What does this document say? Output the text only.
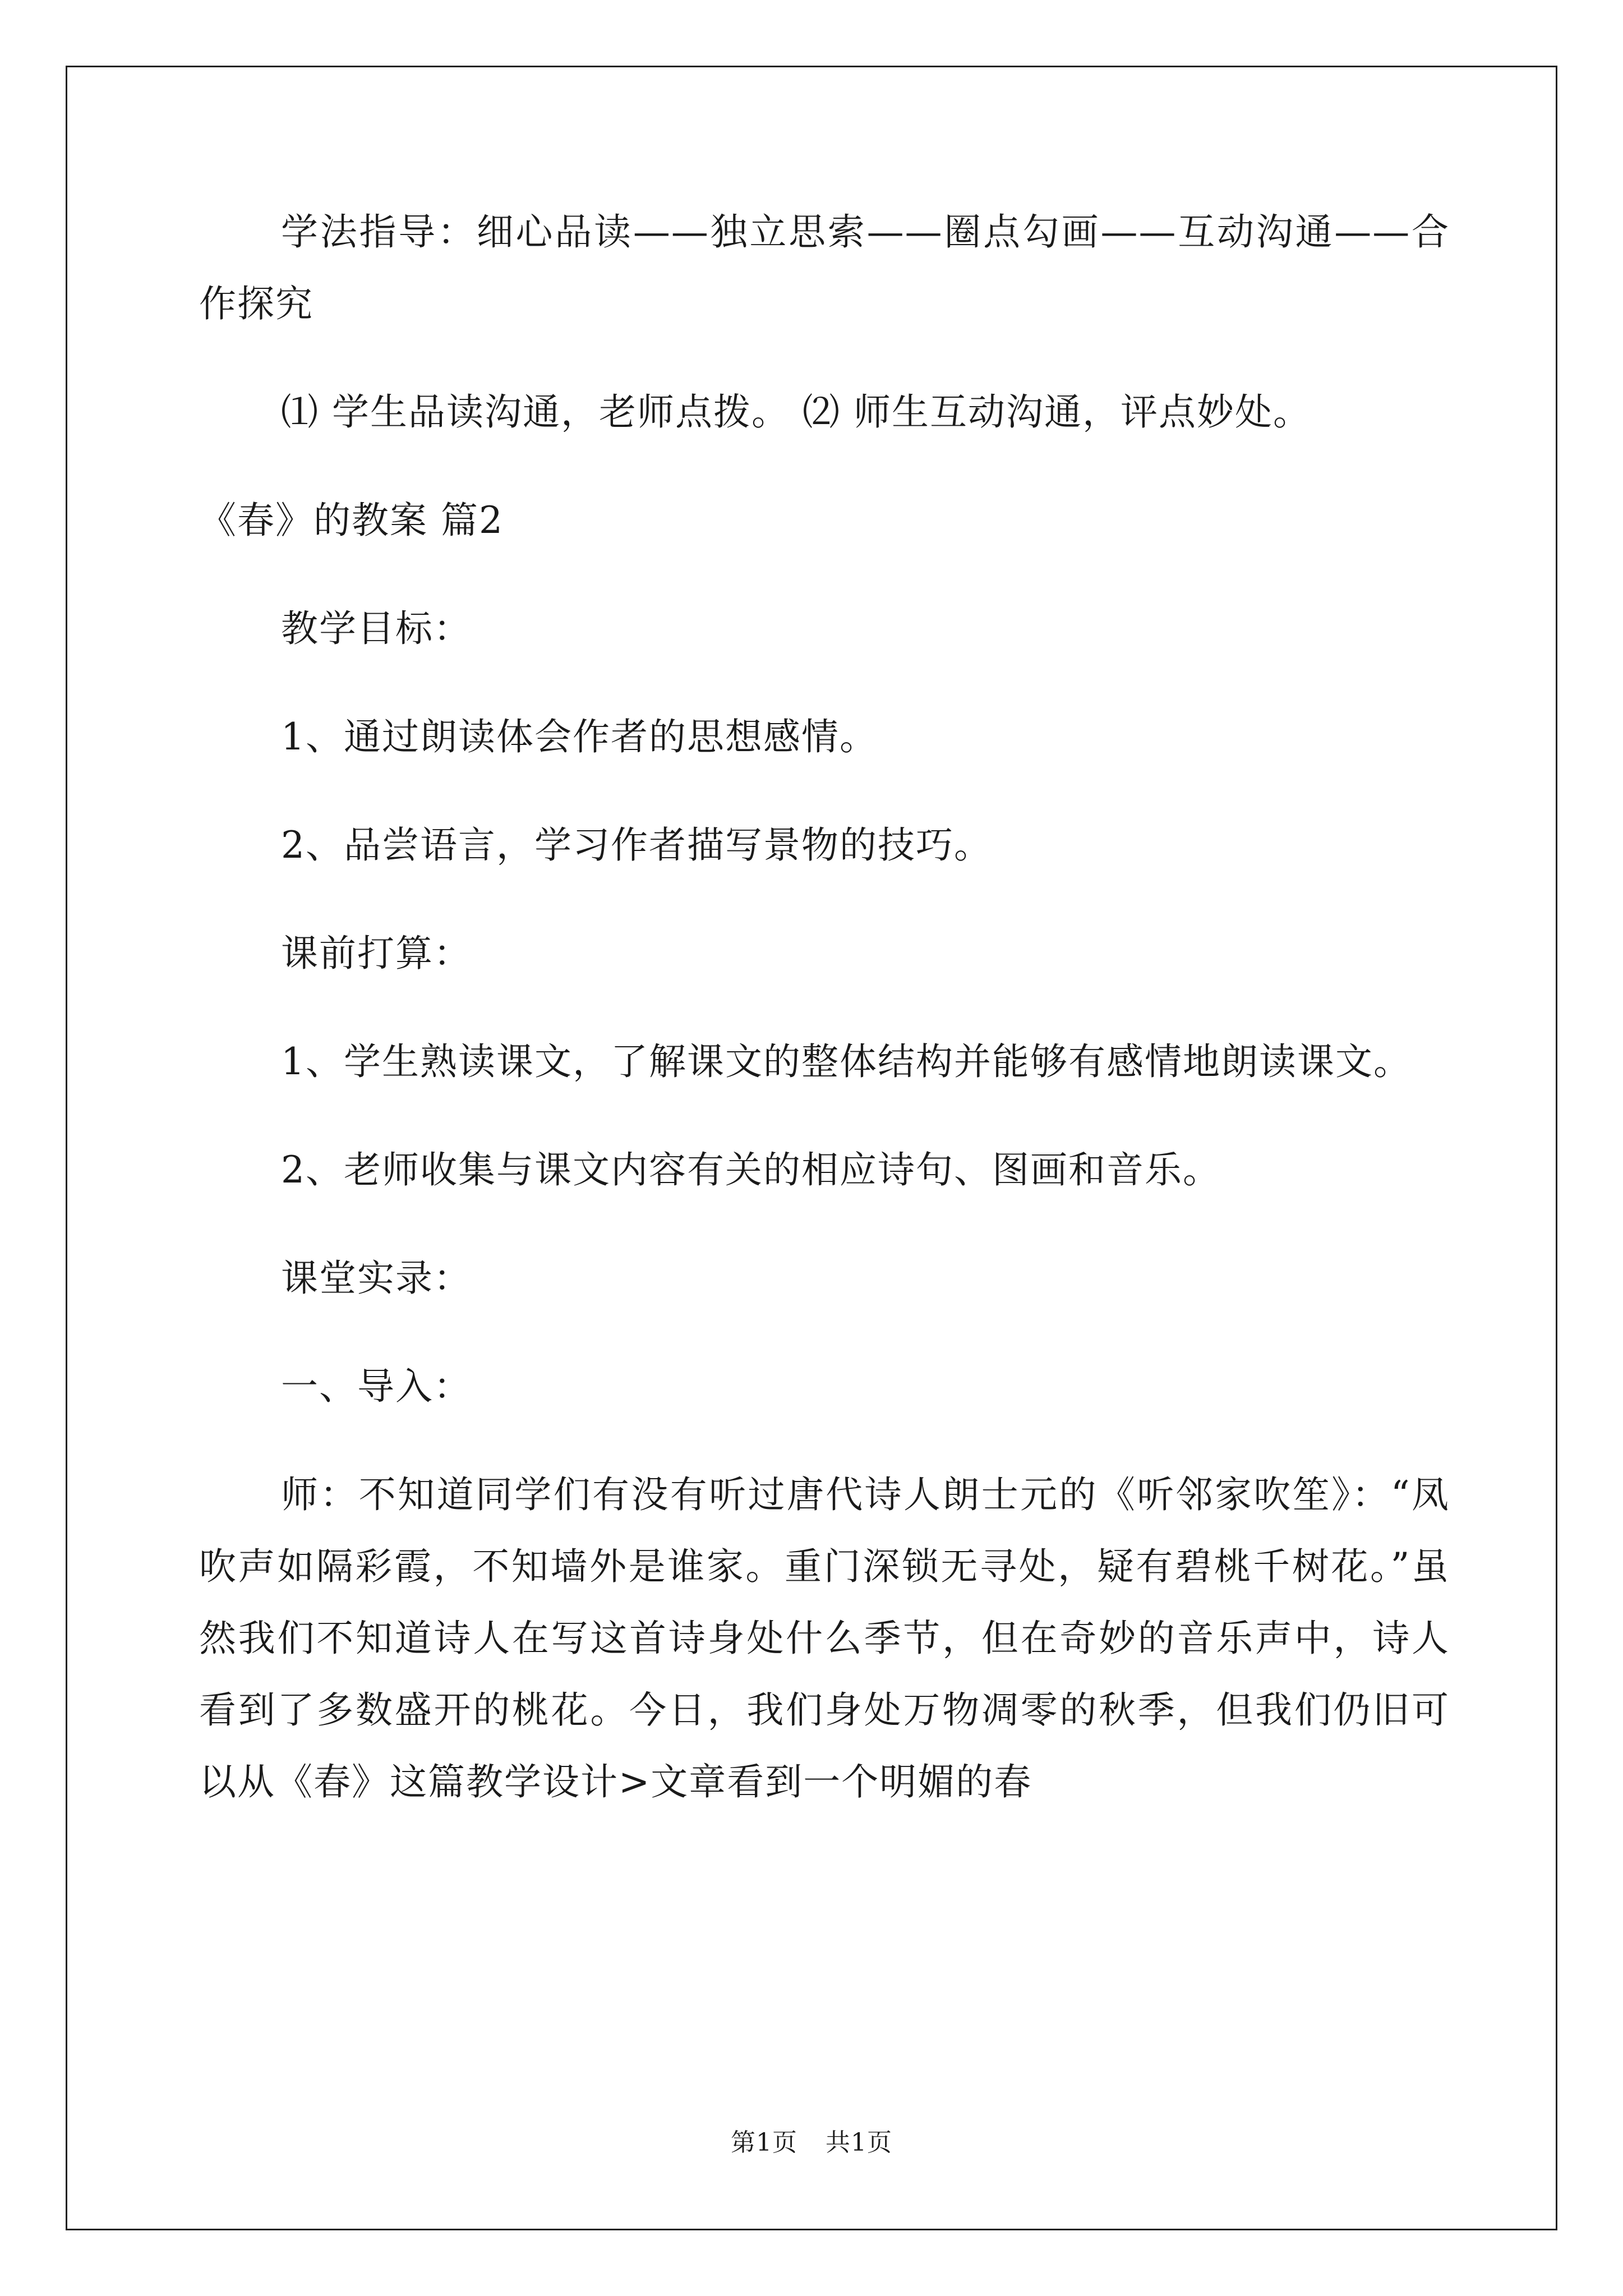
学法指导：细心品读——独立思索——圈点勾画——互动沟通——合作探究

⑴ 学生品读沟通，老师点拨。 ⑵ 师生互动沟通，评点妙处。

《春》的教案 篇2

教学目标：

1、通过朗读体会作者的思想感情。

2、品尝语言，学习作者描写景物的技巧。

课前打算：

1、学生熟读课文，了解课文的整体结构并能够有感情地朗读课文。

2、老师收集与课文内容有关的相应诗句、图画和音乐。

课堂实录：

一、导入：

师：不知道同学们有没有听过唐代诗人朗士元的《听邻家吹笙》：“凤吹声如隔彩霞，不知墙外是谁家。重门深锁无寻处，疑有碧桃千树花。”虽然我们不知道诗人在写这首诗身处什么季节，但在奇妙的音乐声中，诗人看到了多数盛开的桃花。今日，我们身处万物凋零的秋季，但我们仍旧可以从《春》这篇教学设计>文章看到一个明媚的春

第1页 共1页
